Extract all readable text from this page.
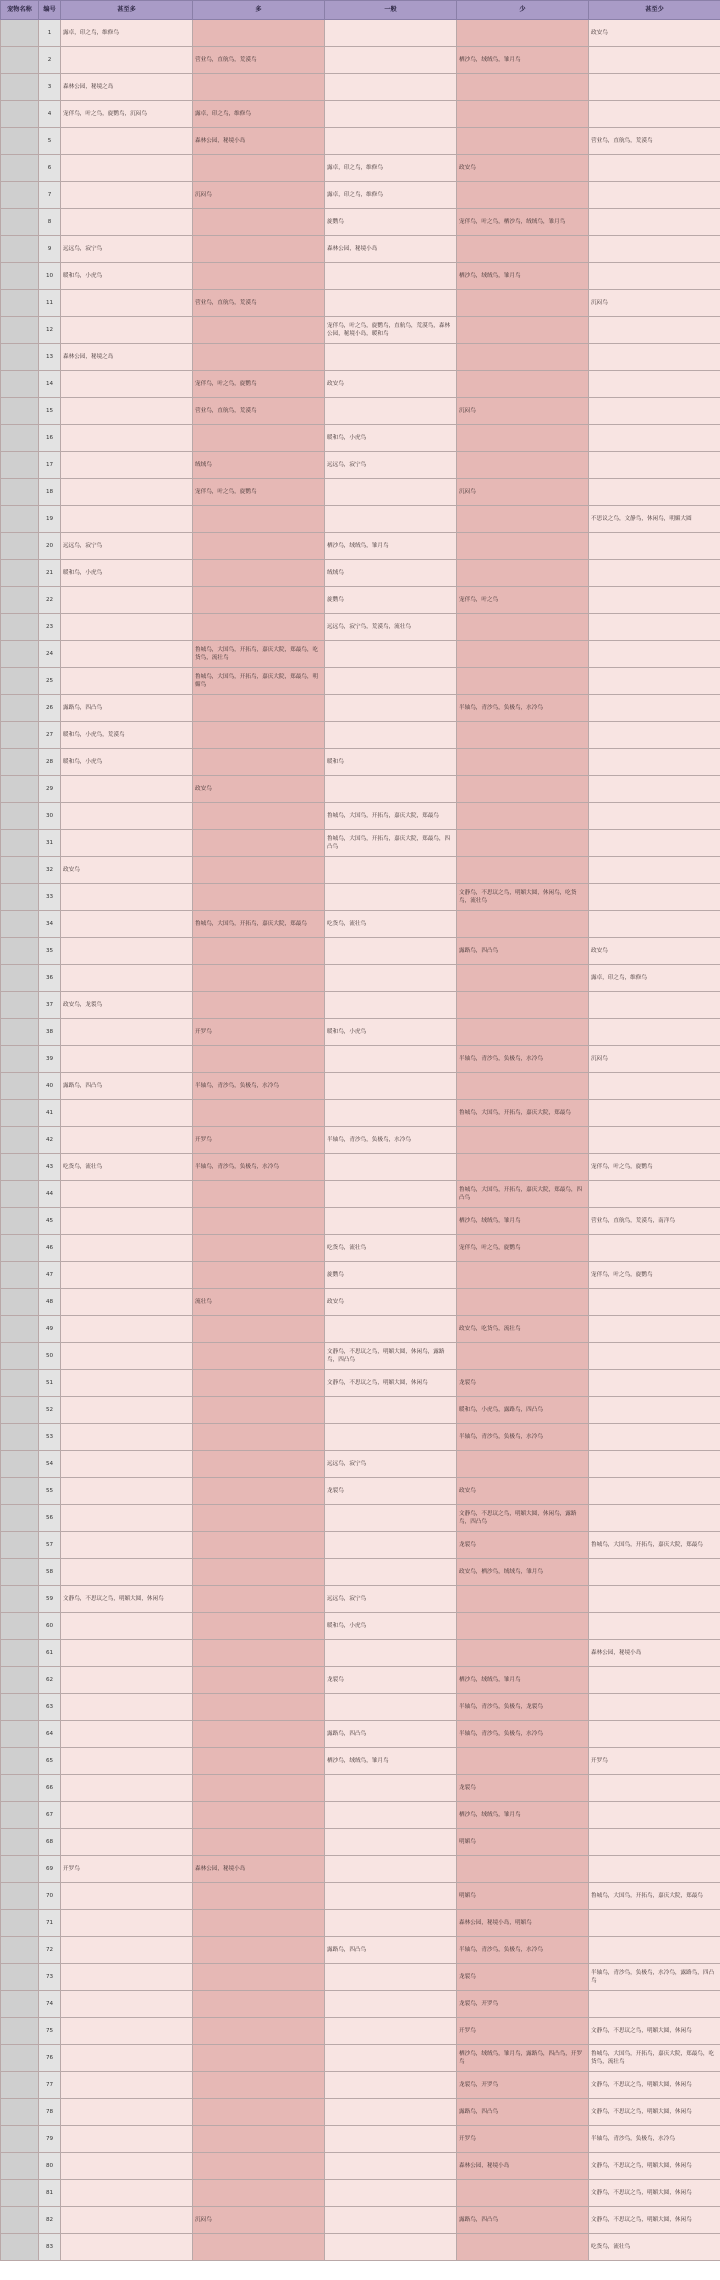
宠物名称	编号	甚至多	多	一般	少	甚至少
	1	露卓，印之鸟，维修鸟				政安鸟
	2		营业鸟，直航鸟，荒漠鸟		栖沙鸟，绒绒鸟，雏月鸟	
	3	森林公园，秘境之岛				
	4	宠伴鸟，叶之鸟，旋鹦鸟，沉闷鸟	露卓，印之鸟，维修鸟			
	5		森林公园，秘境小岛			营业鸟，直航鸟，荒漠鸟
	6			露卓，印之鸟，维修鸟	政安鸟	
	7		沉闷鸟	露卓，印之鸟，维修鸟		
	8			旋鹦鸟	宠伴鸟，叶之鸟，栖沙鸟，绒绒鸟，雏月鸟	
	9	远远鸟，寂宁鸟		森林公园，秘境小岛		
	10	暖和鸟，小虎鸟			栖沙鸟，绒绒鸟，雏月鸟	
	11		营业鸟，直航鸟，荒漠鸟			沉闷鸟
	12			宠伴鸟，叶之鸟，旋鹦鸟，直航鸟，荒漠鸟，森林公园，秘境小岛，暖和鸟		
	13	森林公园，秘境之岛				
	14		宠伴鸟，叶之鸟，旋鹦鸟	政安鸟		
	15		营业鸟，直航鸟，荒漠鸟		沉闷鸟	
	16			暖和鸟，小虎鸟		
	17		绒绒鸟	远远鸟，寂宁鸟		
	18		宠伴鸟，叶之鸟，旋鹦鸟		沉闷鸟	
	19					不思议之鸟，文静鸟，休闲鸟，明媚大圆
	20	远远鸟，寂宁鸟		栖沙鸟，绒绒鸟，雏月鸟		
	21	暖和鸟，小虎鸟		绒绒鸟		
	22			旋鹦鸟	宠伴鸟，叶之鸟	
	23			远远鸟，寂宁鸟，荒漠鸟，流壮鸟		
	24		鲁城鸟，大国鸟，开拓鸟，嘉庆大院，郑最鸟，吃货鸟，流壮鸟			
	25		鲁城鸟，大国鸟，开拓鸟，嘉庆大院，郑最鸟，明媚鸟			
	26	露路鸟，四凸鸟			半轴鸟，青沙鸟，负极鸟，水冷鸟	
	27	暖和鸟，小虎鸟，荒漠鸟				
	28	暖和鸟，小虎鸟		暖和鸟		
	29		政安鸟			
	30			鲁城鸟，大国鸟，开拓鸟，嘉庆大院，郑最鸟		
	31			鲁城鸟，大国鸟，开拓鸟，嘉庆大院，郑最鸟，四凸鸟		
	32	政安鸟				
	33				文静鸟，不思议之鸟，明媚大圆，休闲鸟，吃货鸟，流壮鸟	
	34		鲁城鸟，大国鸟，开拓鸟，嘉庆大院，郑最鸟	吃货鸟，流壮鸟		
	35				露路鸟，四凸鸟	政安鸟
	36					露卓，印之鸟，维修鸟
	37	政安鸟，龙裂鸟				
	38		开罗鸟	暖和鸟，小虎鸟		
	39				半轴鸟，青沙鸟，负极鸟，水冷鸟	沉闷鸟
	40	露路鸟，四凸鸟	半轴鸟，青沙鸟，负极鸟，水冷鸟			
	41				鲁城鸟，大国鸟，开拓鸟，嘉庆大院，郑最鸟	
	42		开罗鸟	半轴鸟，青沙鸟，负极鸟，水冷鸟		
	43	吃货鸟，流壮鸟	半轴鸟，青沙鸟，负极鸟，水冷鸟			宠伴鸟，叶之鸟，旋鹦鸟
	44				鲁城鸟，大国鸟，开拓鸟，嘉庆大院，郑最鸟，四凸鸟	
	45				栖沙鸟，绒绒鸟，雏月鸟	营业鸟，直航鸟，荒漠鸟，南洋鸟
	46			吃货鸟，流壮鸟	宠伴鸟，叶之鸟，旋鹦鸟	
	47			旋鹦鸟		宠伴鸟，叶之鸟，旋鹦鸟
	48		流壮鸟	政安鸟		
	49				政安鸟，吃货鸟，流壮鸟	
	50			文静鸟，不思议之鸟，明媚大圆，休闲鸟，露路鸟，四凸鸟		
	51			文静鸟，不思议之鸟，明媚大圆，休闲鸟	龙裂鸟	
	52				暖和鸟，小虎鸟，露路鸟，四凸鸟	
	53				半轴鸟，青沙鸟，负极鸟，水冷鸟	
	54			远远鸟，寂宁鸟		
	55			龙裂鸟	政安鸟	
	56				文静鸟，不思议之鸟，明媚大圆，休闲鸟，露路鸟，四凸鸟	
	57				龙裂鸟	鲁城鸟，大国鸟，开拓鸟，嘉庆大院，郑最鸟
	58				政安鸟，栖沙鸟，绒绒鸟，雏月鸟	
	59	文静鸟，不思议之鸟，明媚大圆，休闲鸟		远远鸟，寂宁鸟		
	60			暖和鸟，小虎鸟		
	61					森林公园，秘境小岛
	62			龙裂鸟	栖沙鸟，绒绒鸟，雏月鸟	
	63				半轴鸟，青沙鸟，负极鸟，龙裂鸟	
	64			露路鸟，四凸鸟	半轴鸟，青沙鸟，负极鸟，水冷鸟	
	65			栖沙鸟，绒绒鸟，雏月鸟		开罗鸟
	66				龙裂鸟	
	67				栖沙鸟，绒绒鸟，雏月鸟	
	68				明媚鸟	
	69	开罗鸟	森林公园，秘境小岛			
	70				明媚鸟	鲁城鸟，大国鸟，开拓鸟，嘉庆大院，郑最鸟
	71				森林公园，秘境小岛，明媚鸟	
	72			露路鸟，四凸鸟	半轴鸟，青沙鸟，负极鸟，水冷鸟	
	73				龙裂鸟	半轴鸟，青沙鸟，负极鸟，水冷鸟，露路鸟，四凸鸟
	74				龙裂鸟，开罗鸟	
	75				开罗鸟	文静鸟，不思议之鸟，明媚大圆，休闲鸟
	76				栖沙鸟，绒绒鸟，雏月鸟，露路鸟，四凸鸟，开罗鸟	鲁城鸟，大国鸟，开拓鸟，嘉庆大院，郑最鸟，吃货鸟，流壮鸟
	77				龙裂鸟，开罗鸟	文静鸟，不思议之鸟，明媚大圆，休闲鸟
	78				露路鸟，四凸鸟	文静鸟，不思议之鸟，明媚大圆，休闲鸟
	79				开罗鸟	半轴鸟，青沙鸟，负极鸟，水冷鸟
	80				森林公园，秘境小岛	文静鸟，不思议之鸟，明媚大圆，休闲鸟
	81					文静鸟，不思议之鸟，明媚大圆，休闲鸟
	82		沉闷鸟		露路鸟，四凸鸟	文静鸟，不思议之鸟，明媚大圆，休闲鸟
	83					吃货鸟，流壮鸟
